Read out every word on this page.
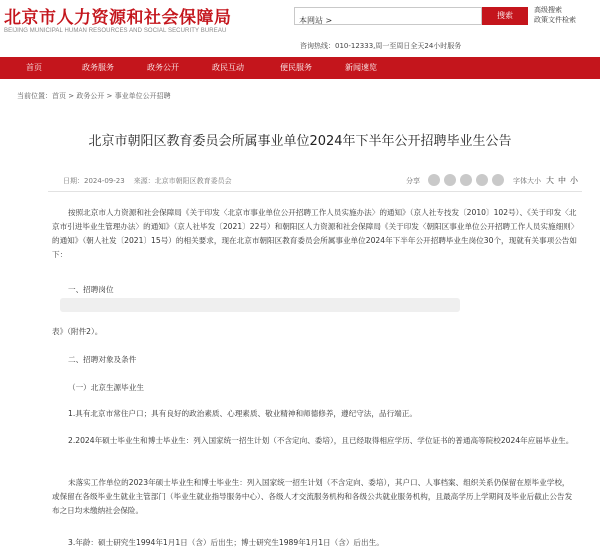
北京市人力资源和社会保障局
BEIJING MUNICIPAL HUMAN RESOURCES AND SOCIAL SECURITY BUREAU
本网站 >
搜索
高级搜索
政策文件检索
咨询热线：010-12333,周一至周日全天24小时服务
首页	政务服务	政务公开	政民互动	便民服务	新闻速览
当前位置：首页 > 政务公开 > 事业单位公开招聘
北京市朝阳区教育委员会所属事业单位2024年下半年公开招聘毕业生公告
日期：2024-09-23 来源：北京市朝阳区教育委员会	分享	字体大小 大 中 小
按照北京市人力资源和社会保障局《关于印发〈北京市事业单位公开招聘工作人员实施办法〉的通知》（京人社专技发〔2010〕102号）、《关于印发〈北京市引进毕业生管理办法〉的通知》（京人社毕发〔2021〕22号）和朝阳区人力资源和社会保障局《关于印发〈朝阳区事业单位公开招聘工作人员实施细则〉的通知》（朝人社发〔2021〕15号）的相关要求，现在北京市朝阳区教育委员会所属事业单位2024年下半年公开招聘毕业生岗位30个，现就有关事项公告如下：
一、招聘岗位
表》（附件2）。
二、招聘对象及条件
（一）北京生源毕业生
1.具有北京市常住户口；具有良好的政治素质、心理素质、敬业精神和师德修养，遵纪守法，品行端正。
2.2024年硕士毕业生和博士毕业生：列入国家统一招生计划（不含定向、委培），且已经取得相应学历、学位证书的普通高等院校2024年应届毕业生。
未落实工作单位的2023年硕士毕业生和博士毕业生：列入国家统一招生计划（不含定向、委培），其户口、人事档案、组织关系仍保留在原毕业学校，或保留在各级毕业生就业主管部门（毕业生就业指导服务中心）、各级人才交流服务机构和各级公共就业服务机构，且最高学历上学期间及毕业后截止公告发布之日均未缴纳社会保险。
3.年龄：硕士研究生1994年1月1日（含）后出生；博士研究生1989年1月1日（含）后出生。
